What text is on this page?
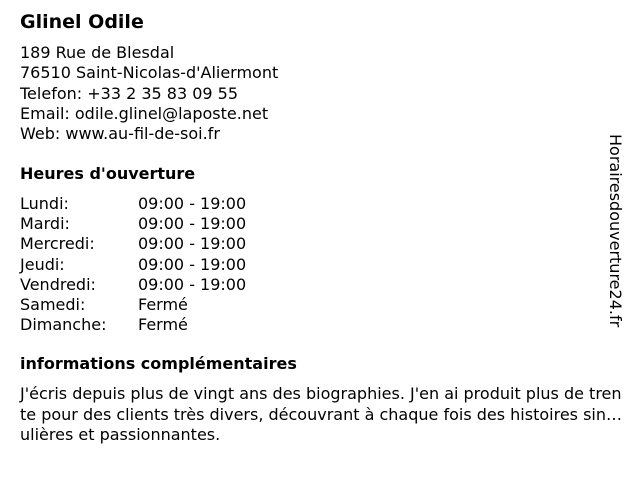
Glinel Odile
189 Rue de Blesdal
76510 Saint-Nicolas-d'Aliermont
Telefon: +33 2 35 83 09 55
Email: odile.glinel@laposte.net
Web: www.au-fil-de-soi.fr
Heures d'ouverture
Lundi:	09:00 - 19:00
Mardi:	09:00 - 19:00
Mercredi:	09:00 - 19:00
Jeudi:	09:00 - 19:00
Vendredi:	09:00 - 19:00
Samedi:	Fermé
Dimanche: Fermé
informations complémentaires
J'écris depuis plus de vingt ans des biographies. J'en ai produit plus de trente pour des clients très divers, découvrant à chaque fois des histoires singulières et passionnantes.
Horairesdouverture24.fr
